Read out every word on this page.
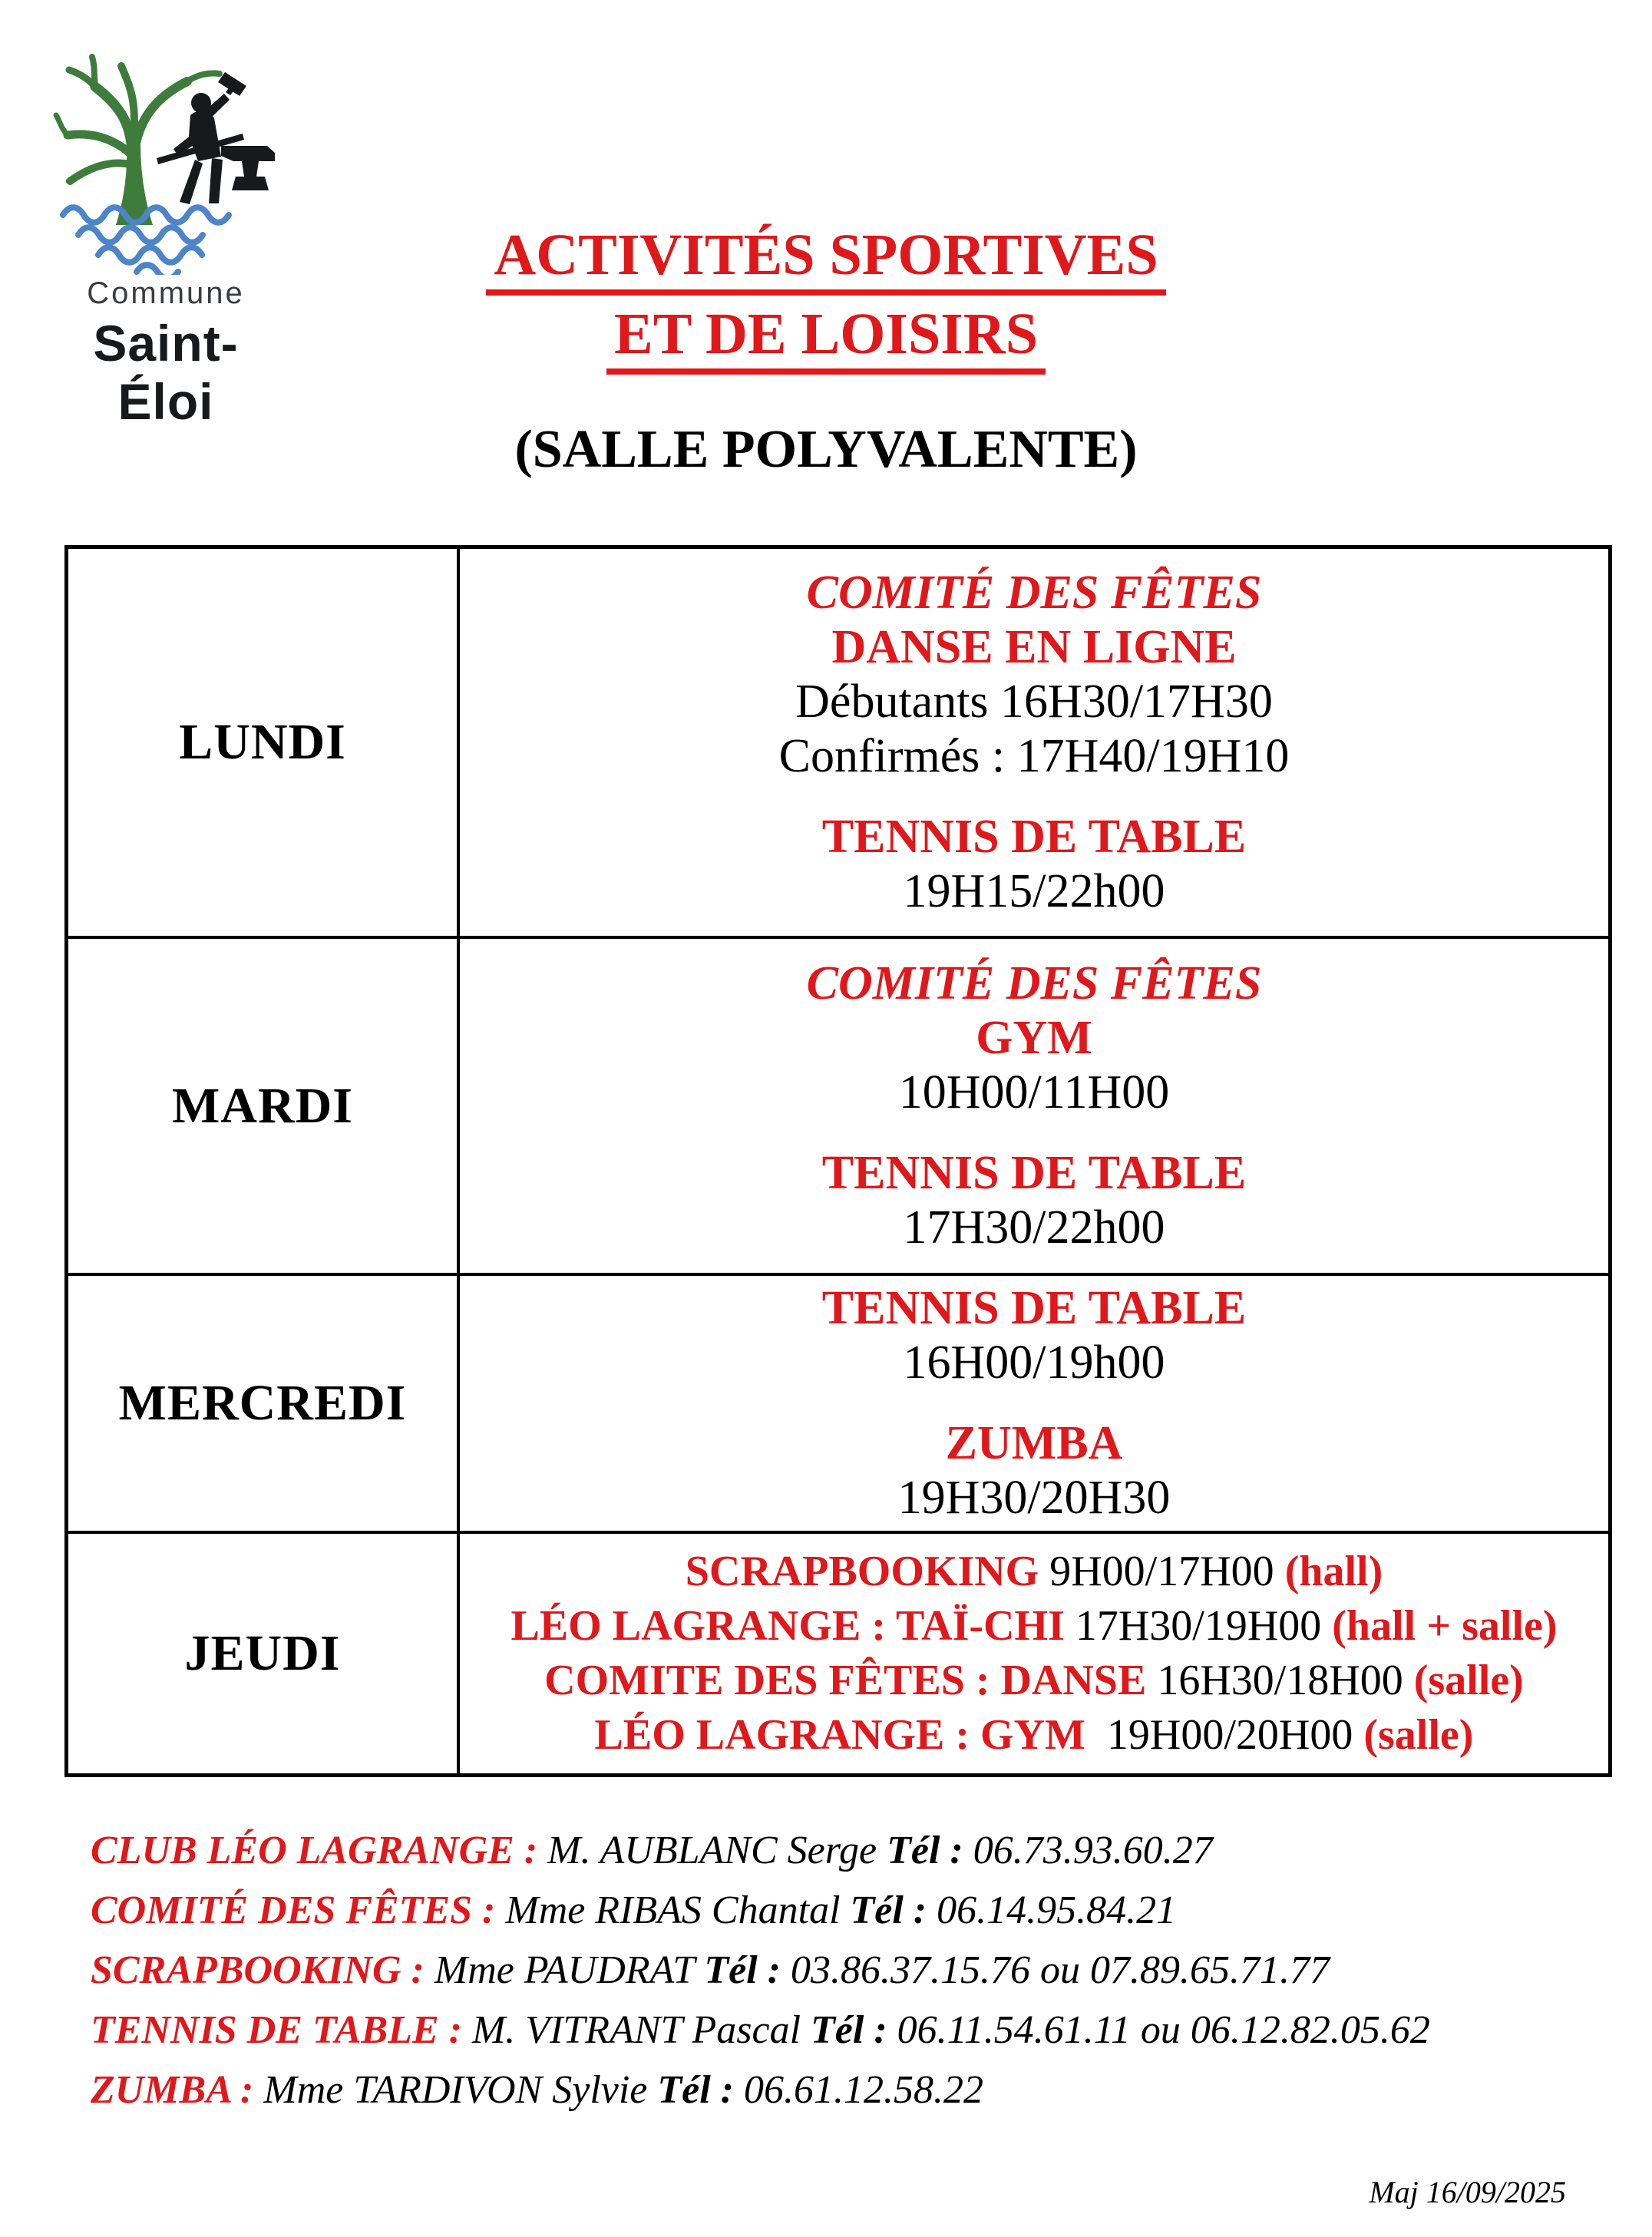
Commune
Saint-Éloi
ACTIVITÉS SPORTIVES
ET DE LOISIRS
(SALLE POLYVALENTE)
LUNDI
COMITÉ DES FÊTES
DANSE EN LIGNE
Débutants 16H30/17H30
Confirmés : 17H40/19H10
TENNIS DE TABLE
19H15/22h00
MARDI
COMITÉ DES FÊTES
GYM
10H00/11H00
TENNIS DE TABLE
17H30/22h00
MERCREDI
TENNIS DE TABLE
16H00/19h00
ZUMBA
19H30/20H30
JEUDI
SCRAPBOOKING 9H00/17H00 (hall)
LÉO LAGRANGE : TAÏ-CHI 17H30/19H00 (hall + salle)
COMITE DES FÊTES : DANSE 16H30/18H00 (salle)
LÉO LAGRANGE : GYM  19H00/20H00 (salle)
CLUB LÉO LAGRANGE : M. AUBLANC Serge Tél : 06.73.93.60.27
COMITÉ DES FÊTES : Mme RIBAS Chantal Tél : 06.14.95.84.21
SCRAPBOOKING : Mme PAUDRAT Tél : 03.86.37.15.76 ou 07.89.65.71.77
TENNIS DE TABLE : M. VITRANT Pascal Tél : 06.11.54.61.11 ou 06.12.82.05.62
ZUMBA : Mme TARDIVON Sylvie Tél : 06.61.12.58.22
Maj 16/09/2025
